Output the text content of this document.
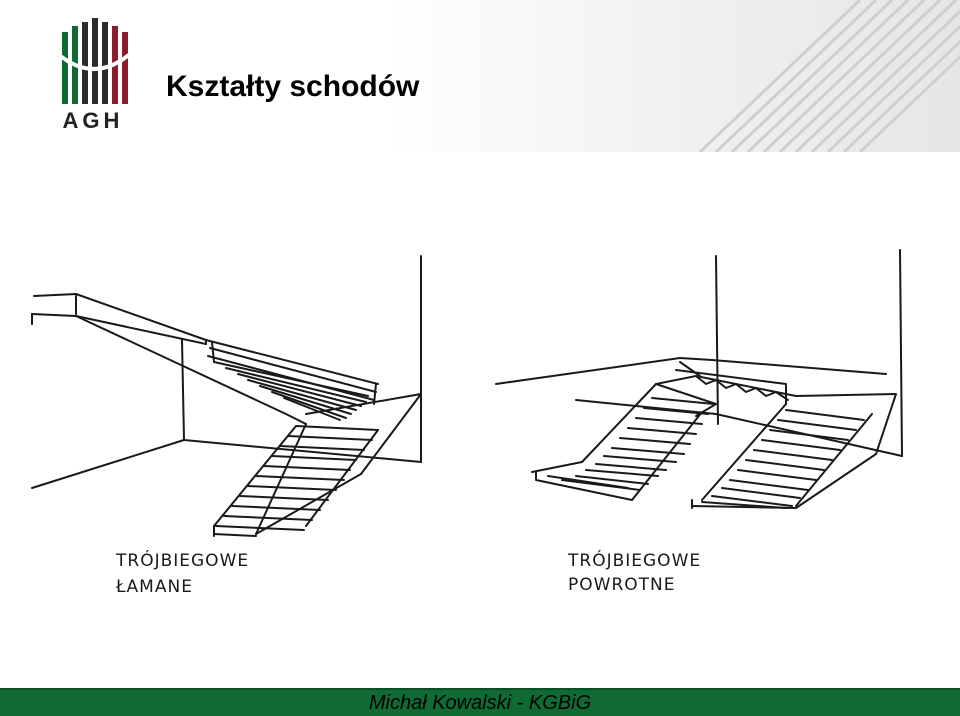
AGH
Kształty schodów
TRÓJBIEGOWE
ŁAMANE
TRÓJBIEGOWE
POWROTNE
Michał Kowalski - KGBiG
